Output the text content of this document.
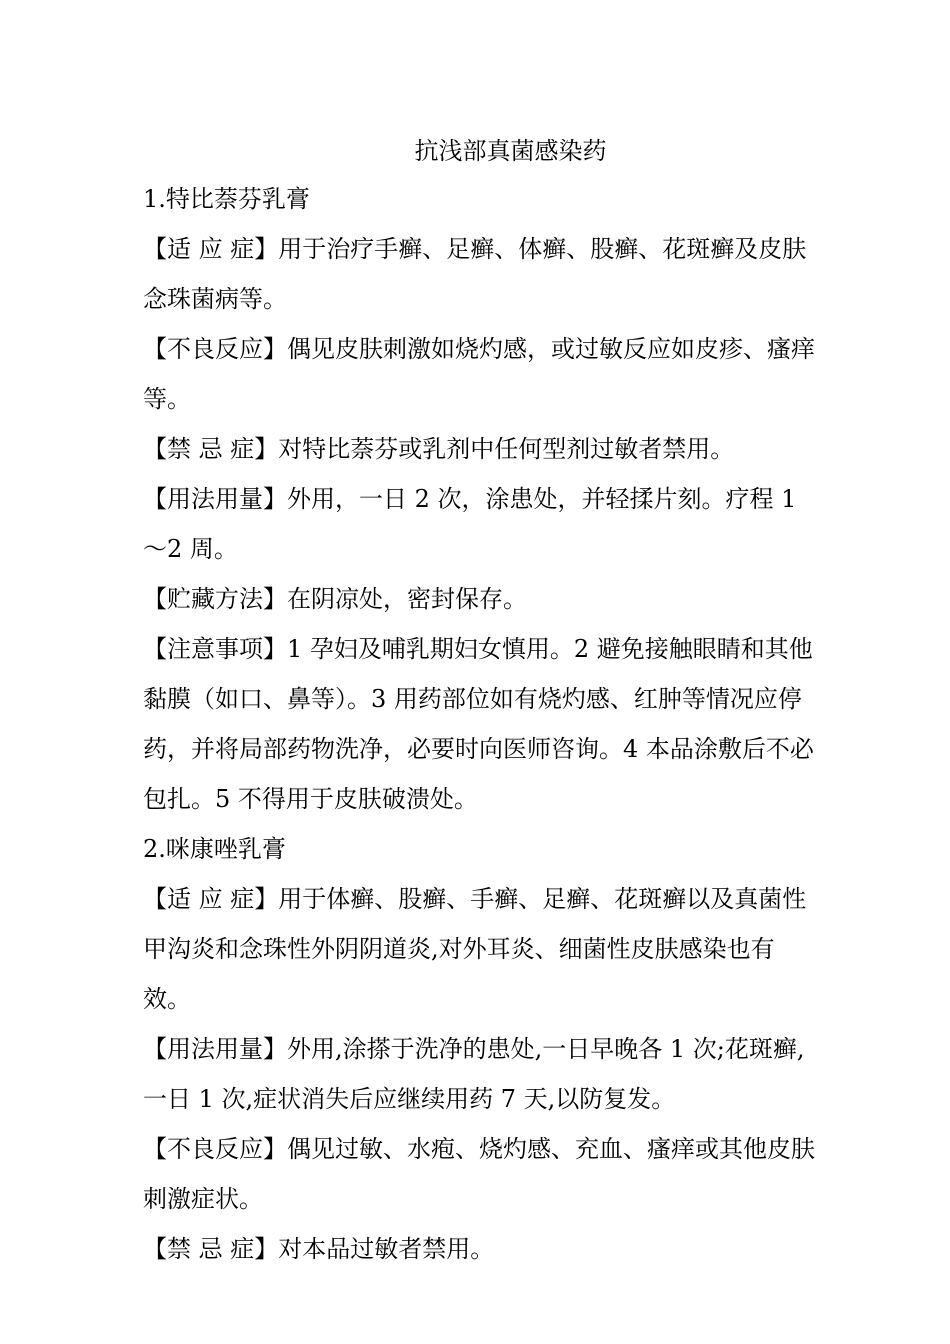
抗浅部真菌感染药

1.特比萘芬乳膏

【适 应 症】用于治疗手癣、足癣、体癣、股癣、花斑癣及皮肤念珠菌病等。

【不良反应】偶见皮肤刺激如烧灼感，或过敏反应如皮疹、瘙痒等。

【禁 忌 症】对特比萘芬或乳剂中任何型剂过敏者禁用。

【用法用量】外用，一日 2 次，涂患处，并轻揉片刻。疗程 1～2 周。

【贮藏方法】在阴凉处，密封保存。

【注意事项】1 孕妇及哺乳期妇女慎用。2 避免接触眼睛和其他黏膜（如口、鼻等）。3 用药部位如有烧灼感、红肿等情况应停药，并将局部药物洗净，必要时向医师咨询。4 本品涂敷后不必包扎。5 不得用于皮肤破溃处。

2.咪康唑乳膏

【适 应 症】用于体癣、股癣、手癣、足癣、花斑癣以及真菌性甲沟炎和念珠性外阴阴道炎,对外耳炎、细菌性皮肤感染也有效。

【用法用量】外用,涂搽于洗净的患处,一日早晚各 1 次;花斑癣,一日 1 次,症状消失后应继续用药 7 天,以防复发。

【不良反应】偶见过敏、水疱、烧灼感、充血、瘙痒或其他皮肤刺激症状。

【禁 忌 症】对本品过敏者禁用。
